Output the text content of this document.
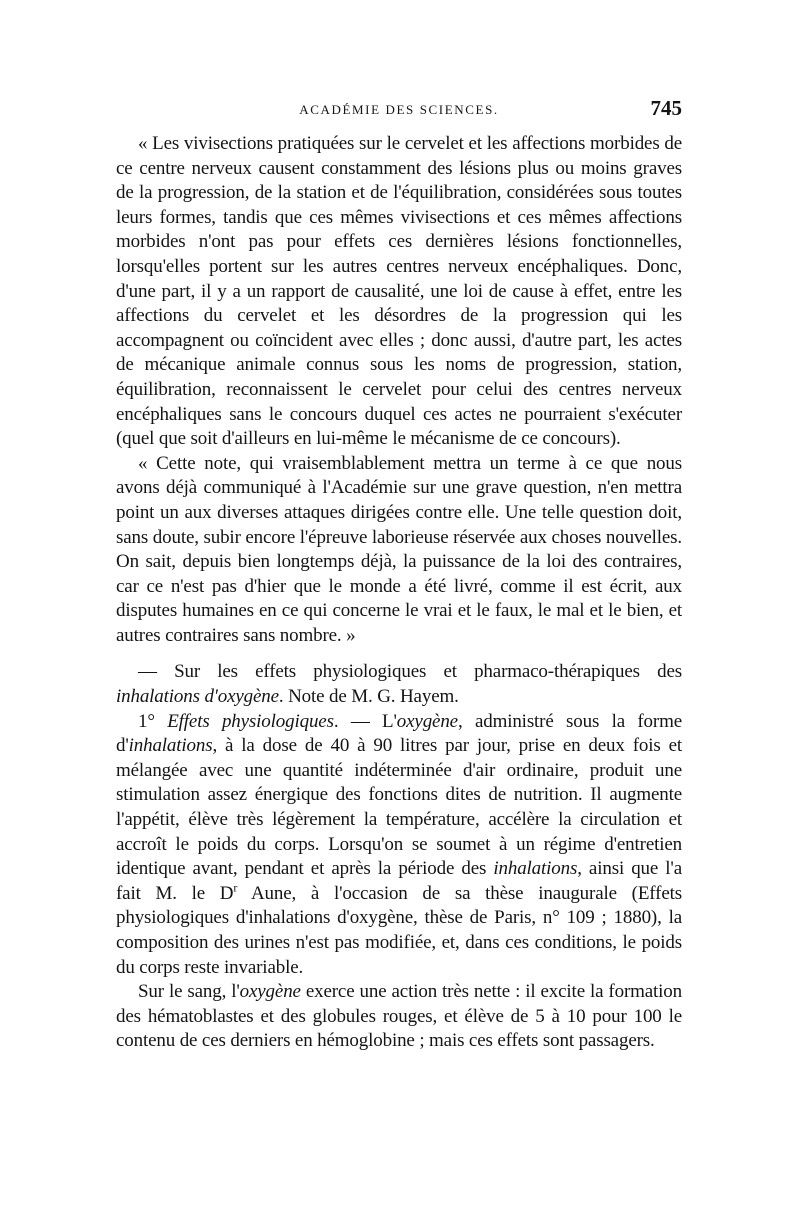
ACADÉMIE DES SCIENCES.	745

« Les vivisections pratiquées sur le cervelet et les affections morbides de ce centre nerveux causent constamment des lésions plus ou moins graves de la progression, de la station et de l'équilibration, considérées sous toutes leurs formes, tandis que ces mêmes vivisections et ces mêmes affections morbides n'ont pas pour effets ces dernières lésions fonctionnelles, lorsqu'elles portent sur les autres centres nerveux encéphaliques. Donc, d'une part, il y a un rapport de causalité, une loi de cause à effet, entre les affections du cervelet et les désordres de la progression qui les accompagnent ou coïncident avec elles ; donc aussi, d'autre part, les actes de mécanique animale connus sous les noms de progression, station, équilibration, reconnaissent le cervelet pour celui des centres nerveux encéphaliques sans le concours duquel ces actes ne pourraient s'exécuter (quel que soit d'ailleurs en lui-même le mécanisme de ce concours).

« Cette note, qui vraisemblablement mettra un terme à ce que nous avons déjà communiqué à l'Académie sur une grave question, n'en mettra point un aux diverses attaques dirigées contre elle. Une telle question doit, sans doute, subir encore l'épreuve laborieuse réservée aux choses nouvelles. On sait, depuis bien longtemps déjà, la puissance de la loi des contraires, car ce n'est pas d'hier que le monde a été livré, comme il est écrit, aux disputes humaines en ce qui concerne le vrai et le faux, le mal et le bien, et autres contraires sans nombre. »

— Sur les effets physiologiques et pharmaco-thérapiques des inhalations d'oxygène. Note de M. G. Hayem.

1° Effets physiologiques. — L'oxygène, administré sous la forme d'inhalations, à la dose de 40 à 90 litres par jour, prise en deux fois et mélangée avec une quantité indéterminée d'air ordinaire, produit une stimulation assez énergique des fonctions dites de nutrition. Il augmente l'appétit, élève très légèrement la température, accélère la circulation et accroît le poids du corps. Lorsqu'on se soumet à un régime d'entretien identique avant, pendant et après la période des inhalations, ainsi que l'a fait M. le $D^r$ Aune, à l'occasion de sa thèse inaugurale (Effets physiologiques d'inhalations d'oxygène, thèse de Paris, n° 109 ; 1880), la composition des urines n'est pas modifiée, et, dans ces conditions, le poids du corps reste invariable.

Sur le sang, l'oxygène exerce une action très nette : il excite la formation des hématoblastes et des globules rouges, et élève de 5 à 10 pour 100 le contenu de ces derniers en hémoglobine ; mais ces effets sont passagers.
